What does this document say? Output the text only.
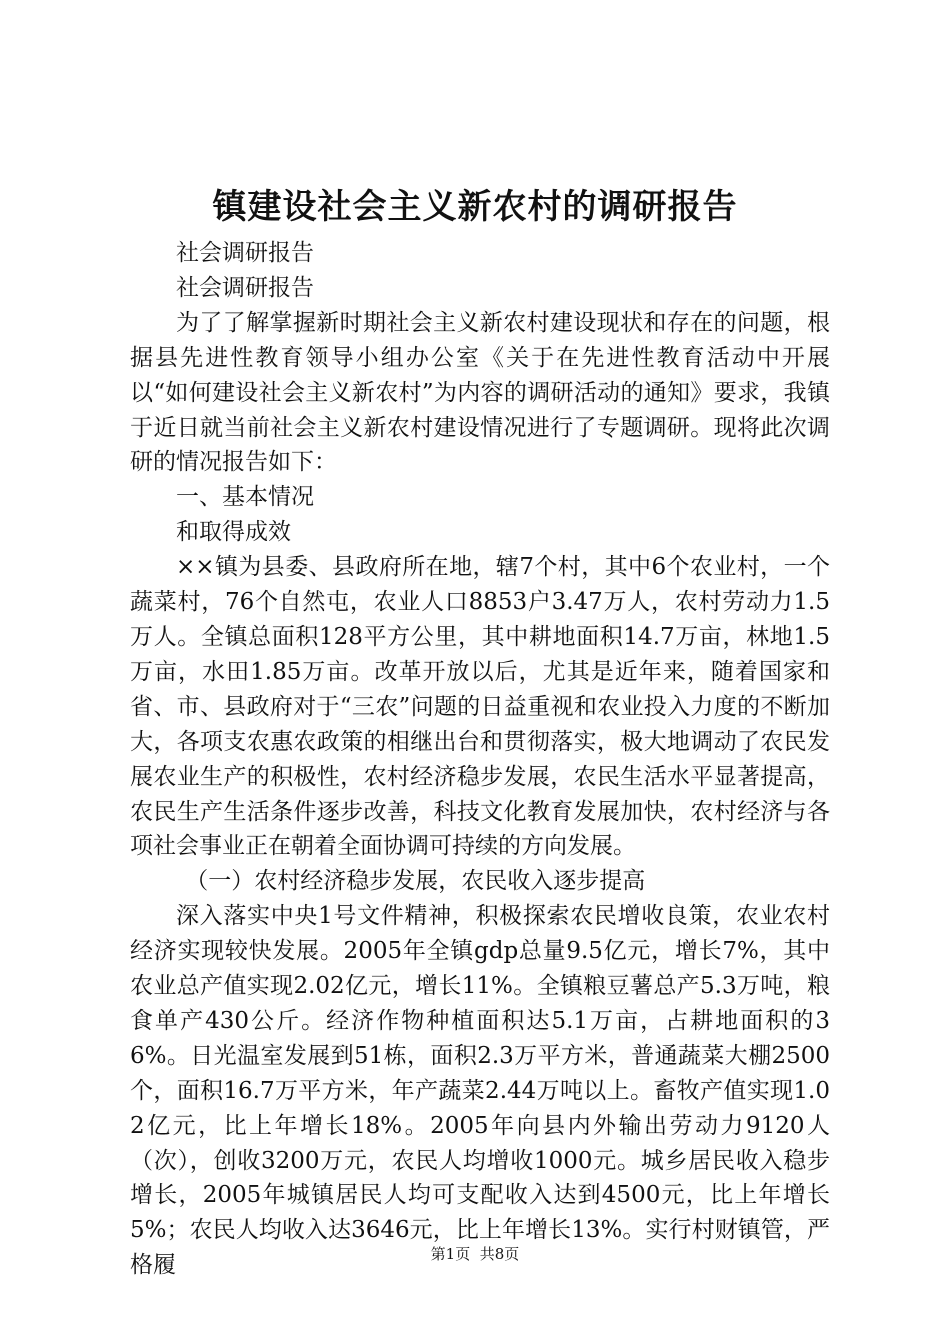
镇建设社会主义新农村的调研报告

社会调研报告

社会调研报告

为了了解掌握新时期社会主义新农村建设现状和存在的问题，根据县先进性教育领导小组办公室《关于在先进性教育活动中开展以“如何建设社会主义新农村”为内容的调研活动的通知》要求，我镇于近日就当前社会主义新农村建设情况进行了专题调研。现将此次调研的情况报告如下：

一、基本情况

和取得成效

××镇为县委、县政府所在地，辖7个村，其中6个农业村，一个蔬菜村，76个自然屯，农业人口8853户3.47万人，农村劳动力1.5万人。全镇总面积128平方公里，其中耕地面积14.7万亩，林地1.5万亩，水田1.85万亩。改革开放以后，尤其是近年来，随着国家和省、市、县政府对于“三农”问题的日益重视和农业投入力度的不断加大，各项支农惠农政策的相继出台和贯彻落实，极大地调动了农民发展农业生产的积极性，农村经济稳步发展，农民生活水平显著提高，农民生产生活条件逐步改善，科技文化教育发展加快，农村经济与各项社会事业正在朝着全面协调可持续的方向发展。

（一）农村经济稳步发展，农民收入逐步提高

深入落实中央1号文件精神，积极探索农民增收良策，农业农村经济实现较快发展。2005年全镇gdp总量9.5亿元，增长7%，其中农业总产值实现2.02亿元，增长11%。全镇粮豆薯总产5.3万吨，粮食单产430公斤。经济作物种植面积达5.1万亩，占耕地面积的36%。日光温室发展到51栋，面积2.3万平方米，普通蔬菜大棚2500个，面积16.7万平方米，年产蔬菜2.44万吨以上。畜牧产值实现1.02亿元，比上年增长18%。2005年向县内外输出劳动力9120人（次），创收3200万元，农民人均增收1000元。城乡居民收入稳步增长，2005年城镇居民人均可支配收入达到4500元，比上年增长5%；农民人均收入达3646元，比上年增长13%。实行村财镇管，严格履	第1页 共8页
